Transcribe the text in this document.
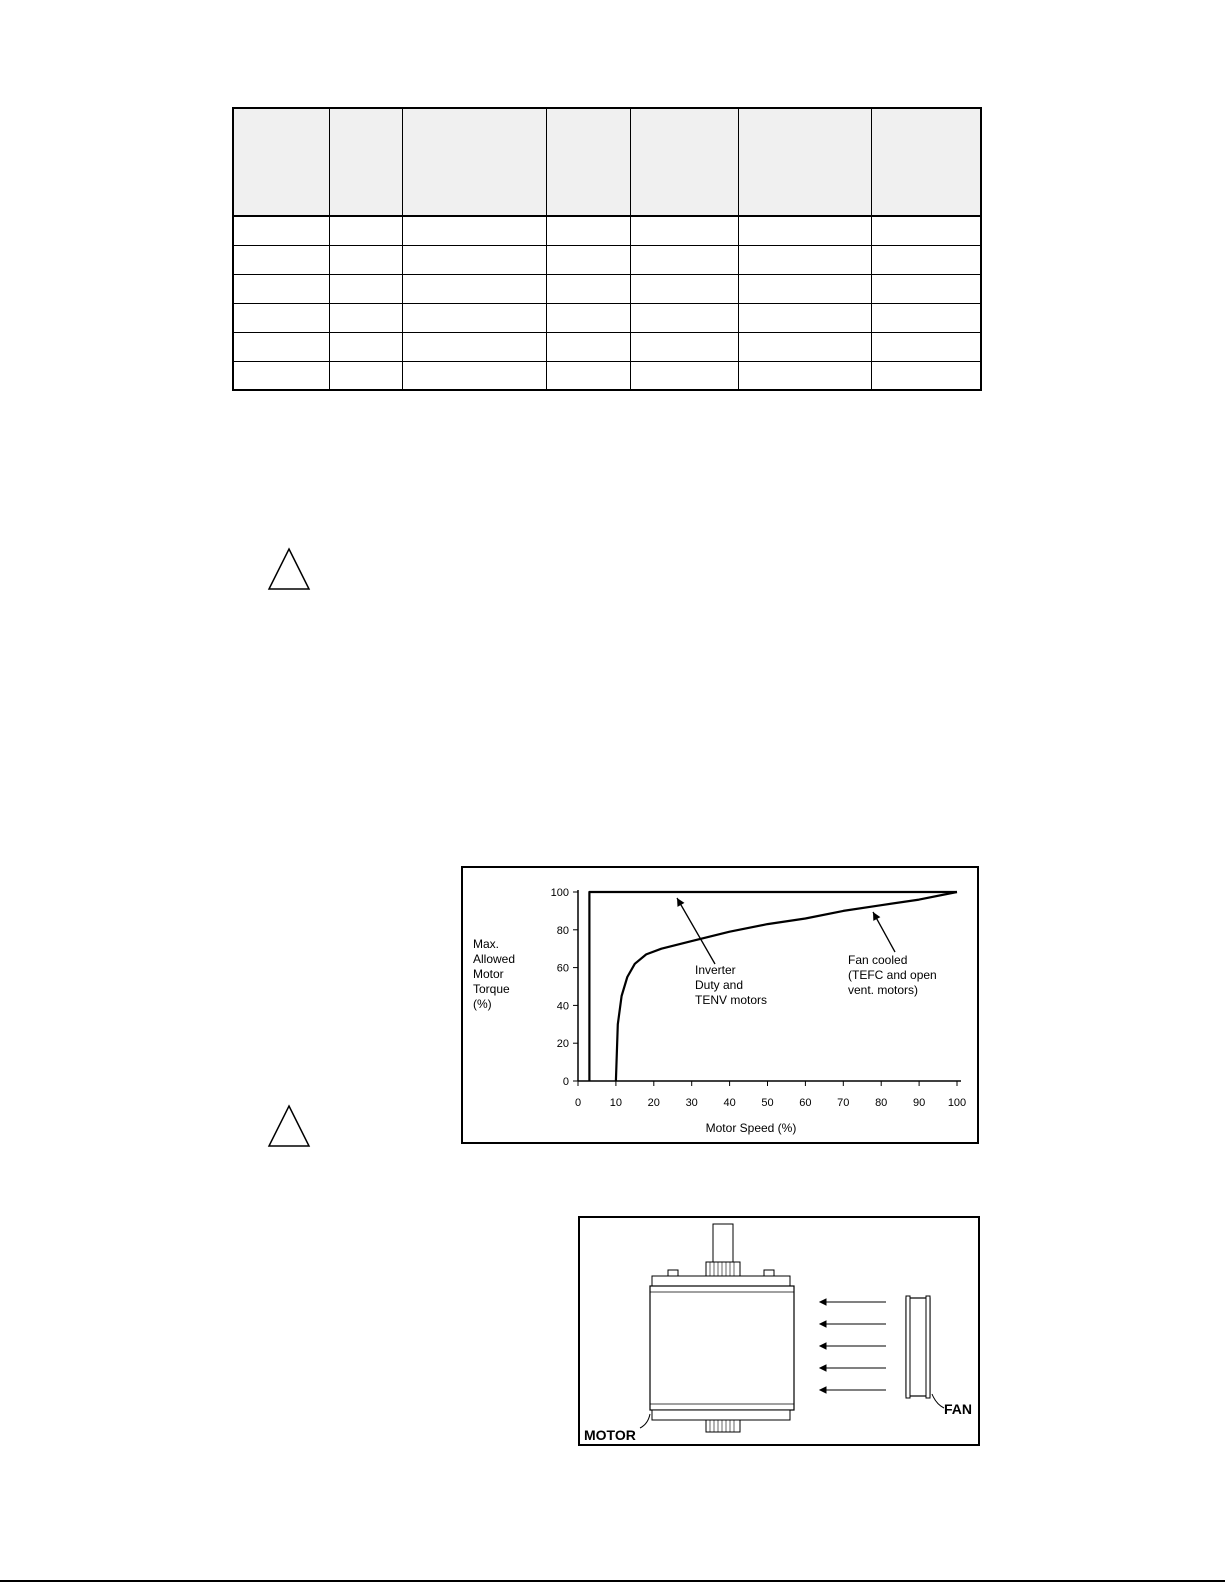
0	10 20 30 40 50 60 70 80 90 100
0
20
40
60
80
100
Max.
Allowed
Motor
Torque
(%)
Motor Speed (%)
Inverter
Duty and
TENV motors
Fan cooled
(TEFC and open
vent. motors)
MOTOR
FAN
